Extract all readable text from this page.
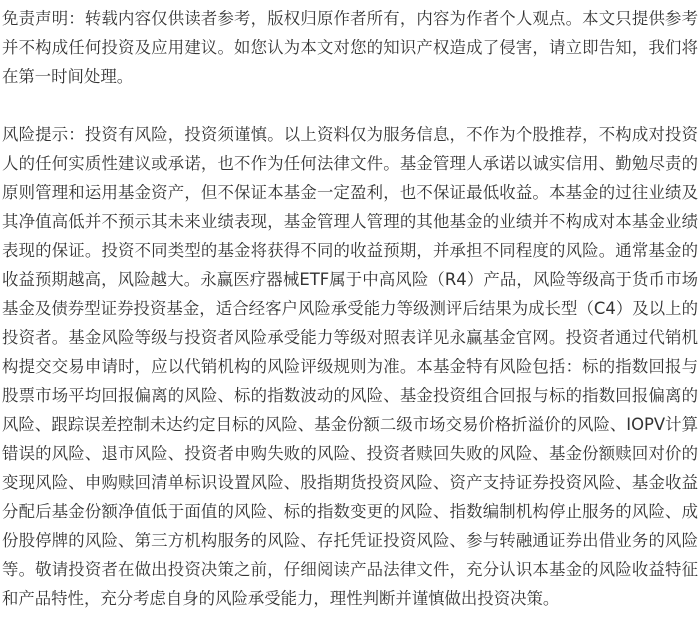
免责声明：转载内容仅供读者参考，版权归原作者所有，内容为作者个人观点。本文只提供参考并不构成任何投资及应用建议。如您认为本文对您的知识产权造成了侵害，请立即告知，我们将在第一时间处理。

风险提示：投资有风险，投资须谨慎。以上资料仅为服务信息，不作为个股推荐，不构成对投资人的任何实质性建议或承诺，也不作为任何法律文件。基金管理人承诺以诚实信用、勤勉尽责的原则管理和运用基金资产，但不保证本基金一定盈利，也不保证最低收益。本基金的过往业绩及其净值高低并不预示其未来业绩表现，基金管理人管理的其他基金的业绩并不构成对本基金业绩表现的保证。投资不同类型的基金将获得不同的收益预期，并承担不同程度的风险。通常基金的收益预期越高，风险越大。永赢医疗器械ETF属于中高风险（R4）产品，风险等级高于货币市场基金及债券型证券投资基金，适合经客户风险承受能力等级测评后结果为成长型（C4）及以上的投资者。基金风险等级与投资者风险承受能力等级对照表详见永赢基金官网。投资者通过代销机构提交交易申请时，应以代销机构的风险评级规则为准。本基金特有风险包括：标的指数回报与股票市场平均回报偏离的风险、标的指数波动的风险、基金投资组合回报与标的指数回报偏离的风险、跟踪误差控制未达约定目标的风险、基金份额二级市场交易价格折溢价的风险、IOPV计算错误的风险、退市风险、投资者申购失败的风险、投资者赎回失败的风险、基金份额赎回对价的变现风险、申购赎回清单标识设置风险、股指期货投资风险、资产支持证券投资风险、基金收益分配后基金份额净值低于面值的风险、标的指数变更的风险、指数编制机构停止服务的风险、成份股停牌的风险、第三方机构服务的风险、存托凭证投资风险、参与转融通证券出借业务的风险等。敬请投资者在做出投资决策之前，仔细阅读产品法律文件，充分认识本基金的风险收益特征和产品特性，充分考虑自身的风险承受能力，理性判断并谨慎做出投资决策。
